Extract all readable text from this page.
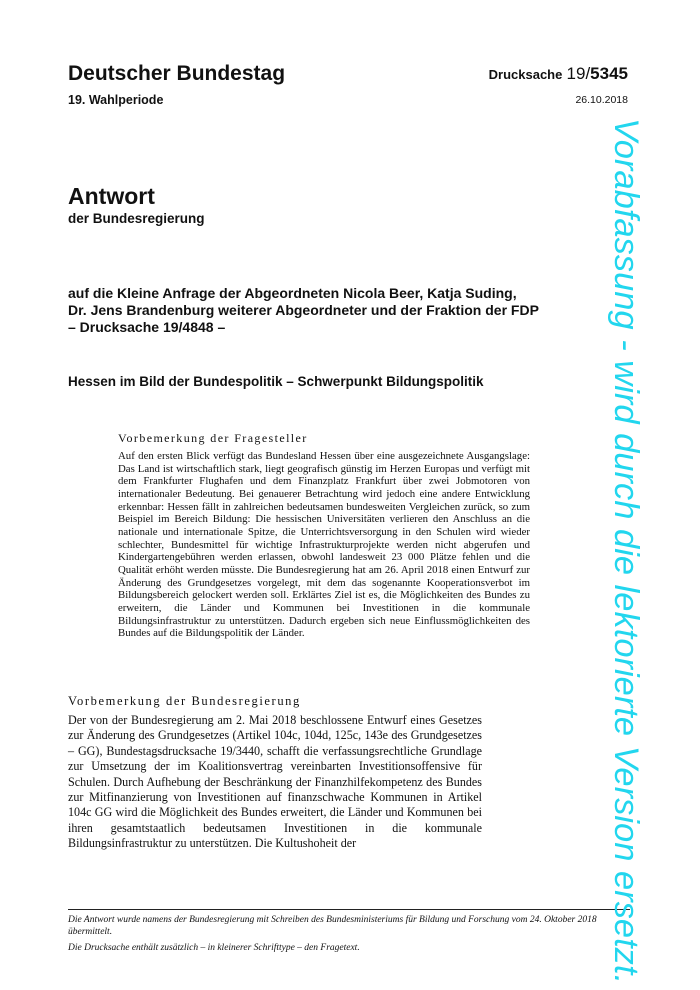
Deutscher Bundestag
19. Wahlperiode
Drucksache 19/5345
26.10.2018
Antwort
der Bundesregierung
auf die Kleine Anfrage der Abgeordneten Nicola Beer, Katja Suding,
Dr. Jens Brandenburg weiterer Abgeordneter und der Fraktion der FDP
– Drucksache 19/4848 –
Hessen im Bild der Bundespolitik – Schwerpunkt Bildungspolitik
Vorbemerkung der Fragesteller
Auf den ersten Blick verfügt das Bundesland Hessen über eine ausgezeichnete Ausgangslage: Das Land ist wirtschaftlich stark, liegt geografisch günstig im Herzen Europas und verfügt mit dem Frankfurter Flughafen und dem Finanzplatz Frankfurt über zwei Jobmotoren von internationaler Bedeutung. Bei genauerer Betrachtung wird jedoch eine andere Entwicklung erkennbar: Hessen fällt in zahlreichen bedeutsamen bundesweiten Vergleichen zurück, so zum Beispiel im Bereich Bildung: Die hessischen Universitäten verlieren den Anschluss an die nationale und internationale Spitze, die Unterrichtsversorgung in den Schulen wird wieder schlechter, Bundesmittel für wichtige Infrastrukturprojekte werden nicht abgerufen und Kindergartengebühren werden erlassen, obwohl landesweit 23 000 Plätze fehlen und die Qualität erhöht werden müsste. Die Bundesregierung hat am 26. April 2018 einen Entwurf zur Änderung des Grundgesetzes vorgelegt, mit dem das sogenannte Kooperationsverbot im Bildungsbereich gelockert werden soll. Erklärtes Ziel ist es, die Möglichkeiten des Bundes zu erweitern, die Länder und Kommunen bei Investitionen in die kommunale Bildungsinfrastruktur zu unterstützen. Dadurch ergeben sich neue Einflussmöglichkeiten des Bundes auf die Bildungspolitik der Länder.
Vorbemerkung der Bundesregierung
Der von der Bundesregierung am 2. Mai 2018 beschlossene Entwurf eines Gesetzes zur Änderung des Grundgesetzes (Artikel 104c, 104d, 125c, 143e des Grundgesetzes – GG), Bundestagsdrucksache 19/3440, schafft die verfassungsrechtliche Grundlage zur Umsetzung der im Koalitionsvertrag vereinbarten Investitionsoffensive für Schulen. Durch Aufhebung der Beschränkung der Finanzhilfekompetenz des Bundes zur Mitfinanzierung von Investitionen auf finanzschwache Kommunen in Artikel 104c GG wird die Möglichkeit des Bundes erweitert, die Länder und Kommunen bei ihren gesamtstaatlich bedeutsamen Investitionen in die kommunale Bildungsinfrastruktur zu unterstützen. Die Kultushoheit der
Die Antwort wurde namens der Bundesregierung mit Schreiben des Bundesministeriums für Bildung und Forschung vom 24. Oktober 2018 übermittelt.
Die Drucksache enthält zusätzlich – in kleinerer Schrifttype – den Fragetext.	Vorabfassung - wird durch die lektorierte Version ersetzt.
